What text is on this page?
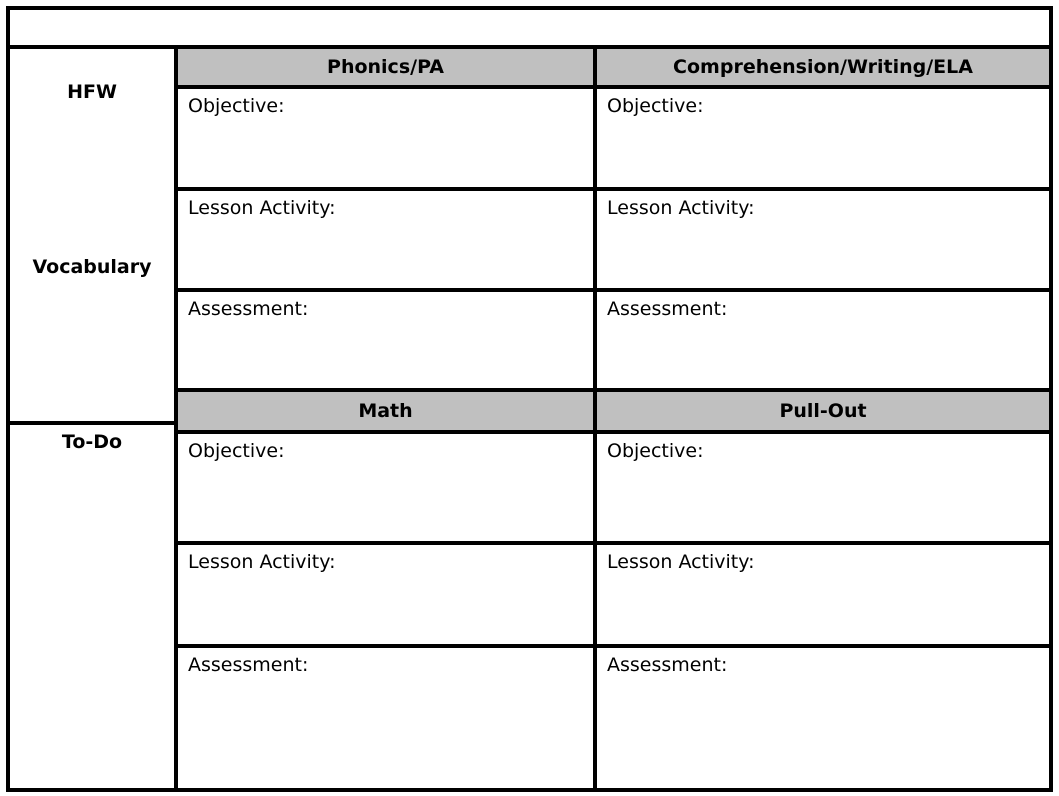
HFW
Vocabulary
To-Do
Phonics/PA	Comprehension/Writing/ELA
Math	Pull-Out
Objective:
Lesson Activity:
Assessment:
Objective:
Lesson Activity:
Assessment:
Objective:
Lesson Activity:
Assessment:
Objective:
Lesson Activity:
Assessment:
